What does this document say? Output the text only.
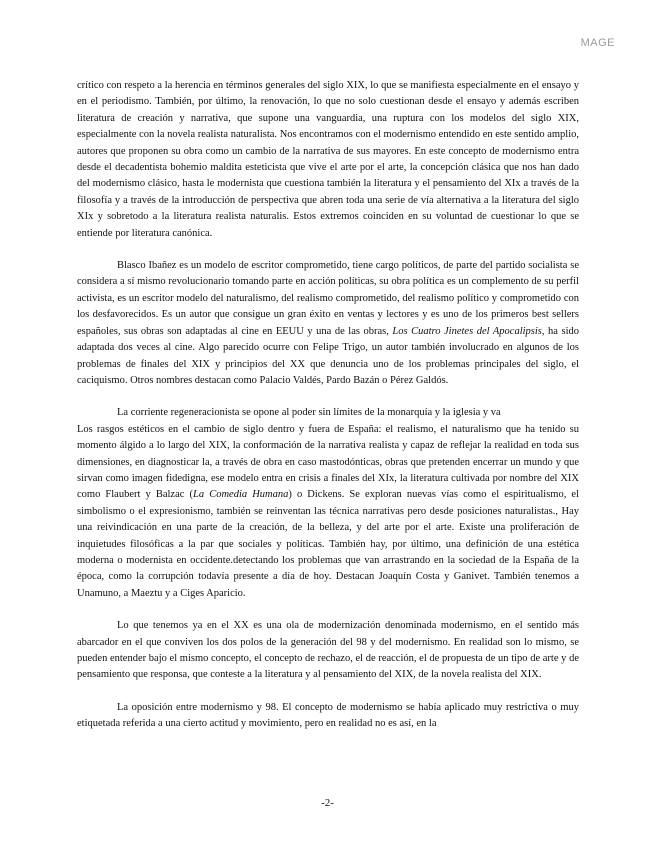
MAGE

crítico con respeto a la herencia en términos generales del siglo XIX, lo que se manifiesta especialmente en el ensayo y en el periodismo. También, por último, la renovación, lo que no solo cuestionan desde el ensayo y además escriben literatura de creación y narrativa, que supone una vanguardia, una ruptura con los modelos del siglo XIX, especialmente con la novela realista naturalista. Nos encontramos con el modernismo entendido en este sentido amplio, autores que proponen su obra como un cambio de la narrativa de sus mayores. En este concepto de modernismo entra desde el decadentista bohemio maldita esteticista que vive el arte por el arte, la concepción clásica que nos han dado del modernismo clásico, hasta le modernista que cuestiona también la literatura y el pensamiento del XIx a través de la filosofía y a través de la introducción de perspectiva que abren toda una serie de vía alternativa a la literatura del siglo XIx y sobretodo a la literatura realista naturalis. Estos extremos coinciden en su voluntad de cuestionar lo que se entiende por literatura canónica.

Blasco Ibañez es un modelo de escritor comprometido, tiene cargo políticos, de parte del partido socialista se considera a sí mismo revolucionario tomando parte en acción políticas, su obra política es un complemento de su perfil activista, es un escritor modelo del naturalismo, del realismo comprometido, del realismo político y comprometido con los desfavorecidos. Es un autor que consigue un gran éxito en ventas y lectores y es uno de los primeros best sellers españoles, sus obras son adaptadas al cine en EEUU y una de las obras, Los Cuatro Jinetes del Apocalipsis, ha sido adaptada dos veces al cine. Algo parecido ocurre con Felipe Trigo, un autor también involucrado en algunos de los problemas de finales del XIX y principios del XX que denuncia uno de los problemas principales del siglo, el caciquismo. Otros nombres destacan como Palacio Valdés, Pardo Bazán o Pérez Galdós.

La corriente regeneracionista se opone al poder sin límites de la monarquía y la iglesia y va

Los rasgos estéticos en el cambio de siglo dentro y fuera de España: el realismo, el naturalismo que ha tenido su momento álgido a lo largo del XIX, la conformación de la narrativa realista y capaz de reflejar la realidad en toda sus dimensiones, en diagnosticar la, a través de obra en caso mastodónticas, obras que pretenden encerrar un mundo y que sirvan como imagen fidedigna, ese modelo entra en crisis a finales del XIx, la literatura cultivada por nombre del XIX como Flaubert y Balzac (La Comedia Humana) o Dickens. Se exploran nuevas vías como el espiritualismo, el simbolismo o el expresionismo, también se reinventan las técnica narrativas pero desde posiciones naturalistas., Hay una reivindicación en una parte de la creación, de la belleza, y del arte por el arte. Existe una proliferación de inquietudes filosóficas a la par que sociales y políticas. También hay, por último, una definición de una estética moderna o modernista en occidente.detectando los problemas que van arrastrando en la sociedad de la España de la época, como la corrupción todavía presente a día de hoy. Destacan Joaquín Costa y Ganivet. También tenemos a Unamuno, a Maeztu y a Ciges Aparicio.

Lo que tenemos ya en el XX es una ola de modernización denominada modernismo, en el sentido más abarcador en el que conviven los dos polos de la generación del 98 y del modernismo. En realidad son lo mismo, se pueden entender bajo el mismo concepto, el concepto de rechazo, el de reacción, el de propuesta de un tipo de arte y de pensamiento que responsa, que conteste a la literatura y al pensamiento del XIX, de la novela realista del XIX.

La oposición entre modernismo y 98. El concepto de modernismo se había aplicado muy restrictiva o muy etiquetada referida a una cierto actitud y movimiento, pero en realidad no es así, en la

-2-
